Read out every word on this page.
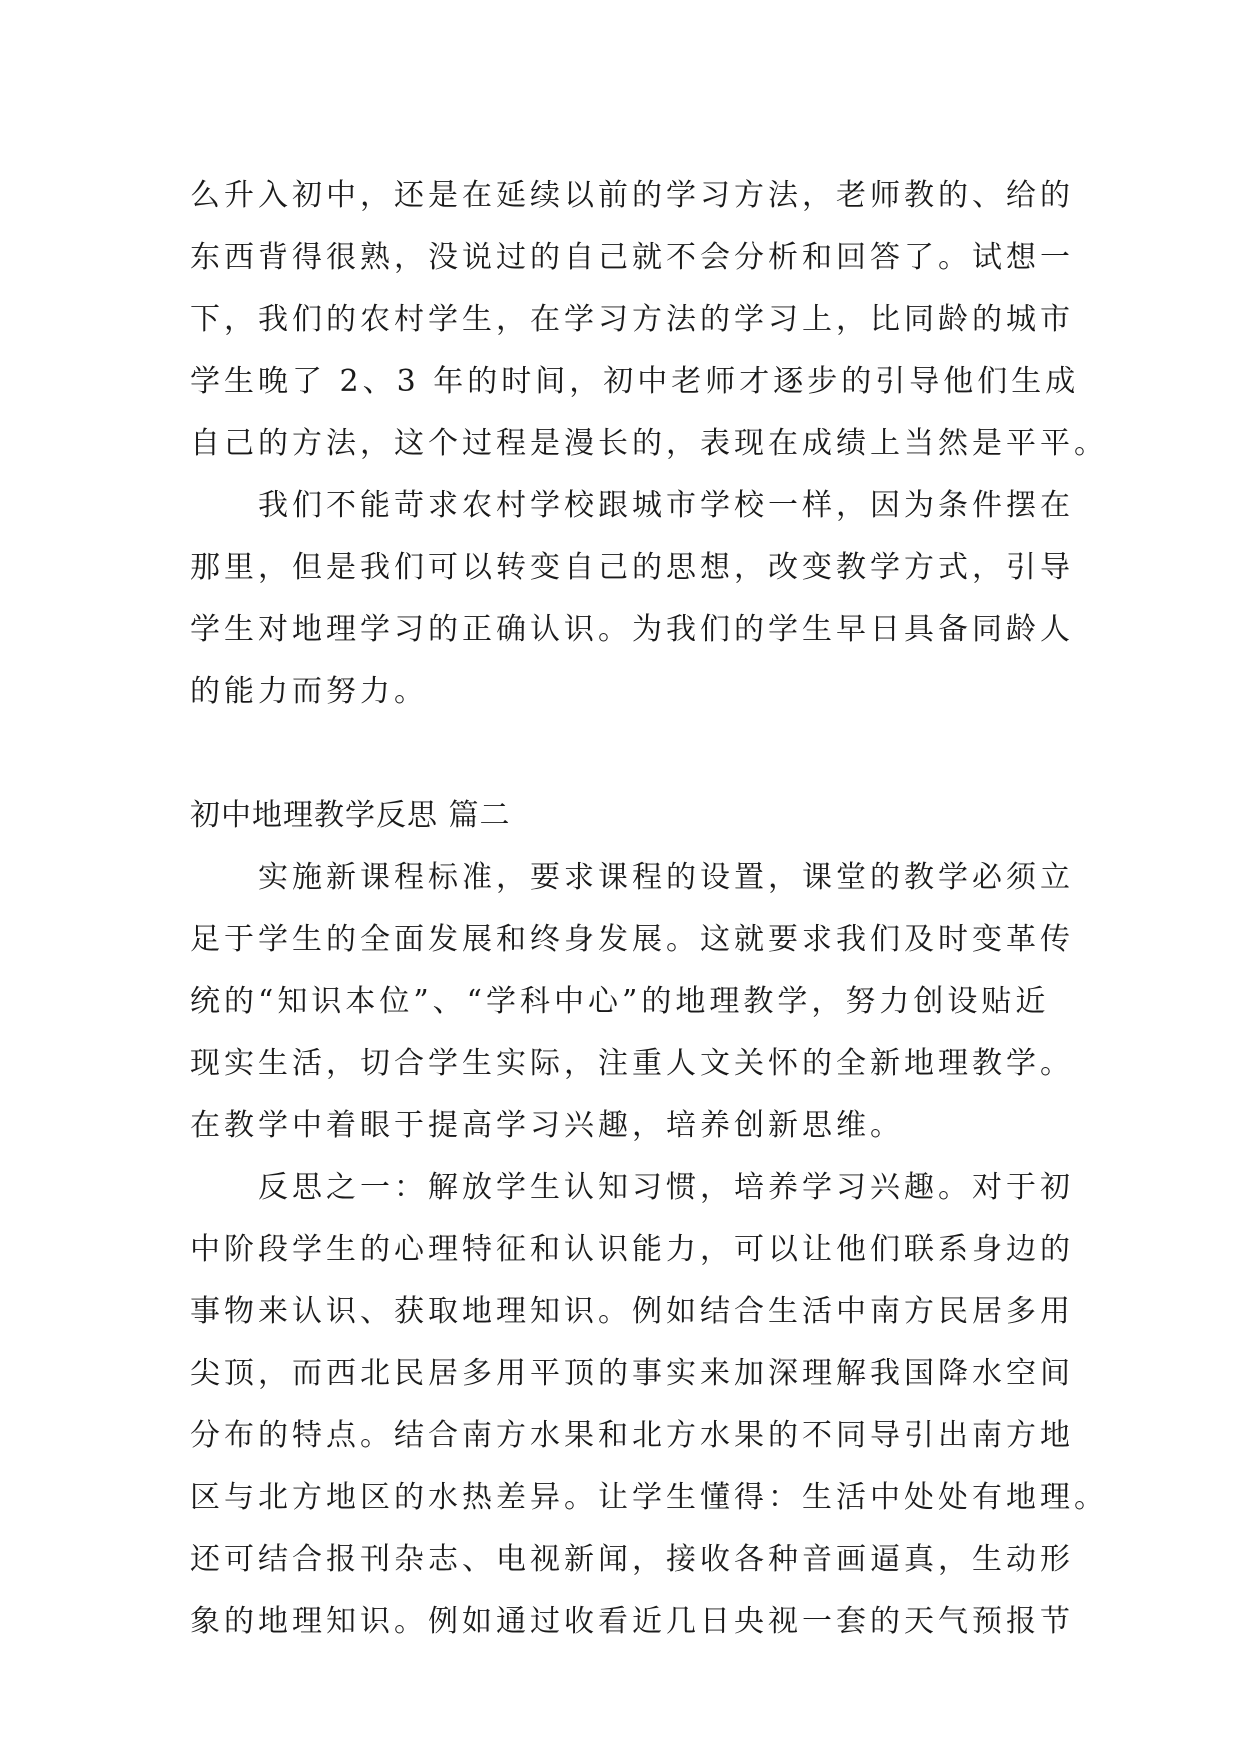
么升入初中，还是在延续以前的学习方法，老师教的、给的
东西背得很熟，没说过的自己就不会分析和回答了。试想一
下，我们的农村学生，在学习方法的学习上，比同龄的城市
学生晚了 2、3 年的时间，初中老师才逐步的引导他们生成
自己的方法，这个过程是漫长的，表现在成绩上当然是平平。
我们不能苛求农村学校跟城市学校一样，因为条件摆在
那里，但是我们可以转变自己的思想，改变教学方式，引导
学生对地理学习的正确认识。为我们的学生早日具备同龄人
的能力而努力。
初中地理教学反思 篇二
实施新课程标准，要求课程的设置，课堂的教学必须立
足于学生的全面发展和终身发展。这就要求我们及时变革传
统的“知识本位”、“学科中心”的地理教学，努力创设贴近
现实生活，切合学生实际，注重人文关怀的全新地理教学。
在教学中着眼于提高学习兴趣，培养创新思维。
反思之一：解放学生认知习惯，培养学习兴趣。对于初
中阶段学生的心理特征和认识能力，可以让他们联系身边的
事物来认识、获取地理知识。例如结合生活中南方民居多用
尖顶，而西北民居多用平顶的事实来加深理解我国降水空间
分布的特点。结合南方水果和北方水果的不同导引出南方地
区与北方地区的水热差异。让学生懂得：生活中处处有地理。
还可结合报刊杂志、电视新闻，接收各种音画逼真，生动形
象的地理知识。例如通过收看近几日央视一套的天气预报节
